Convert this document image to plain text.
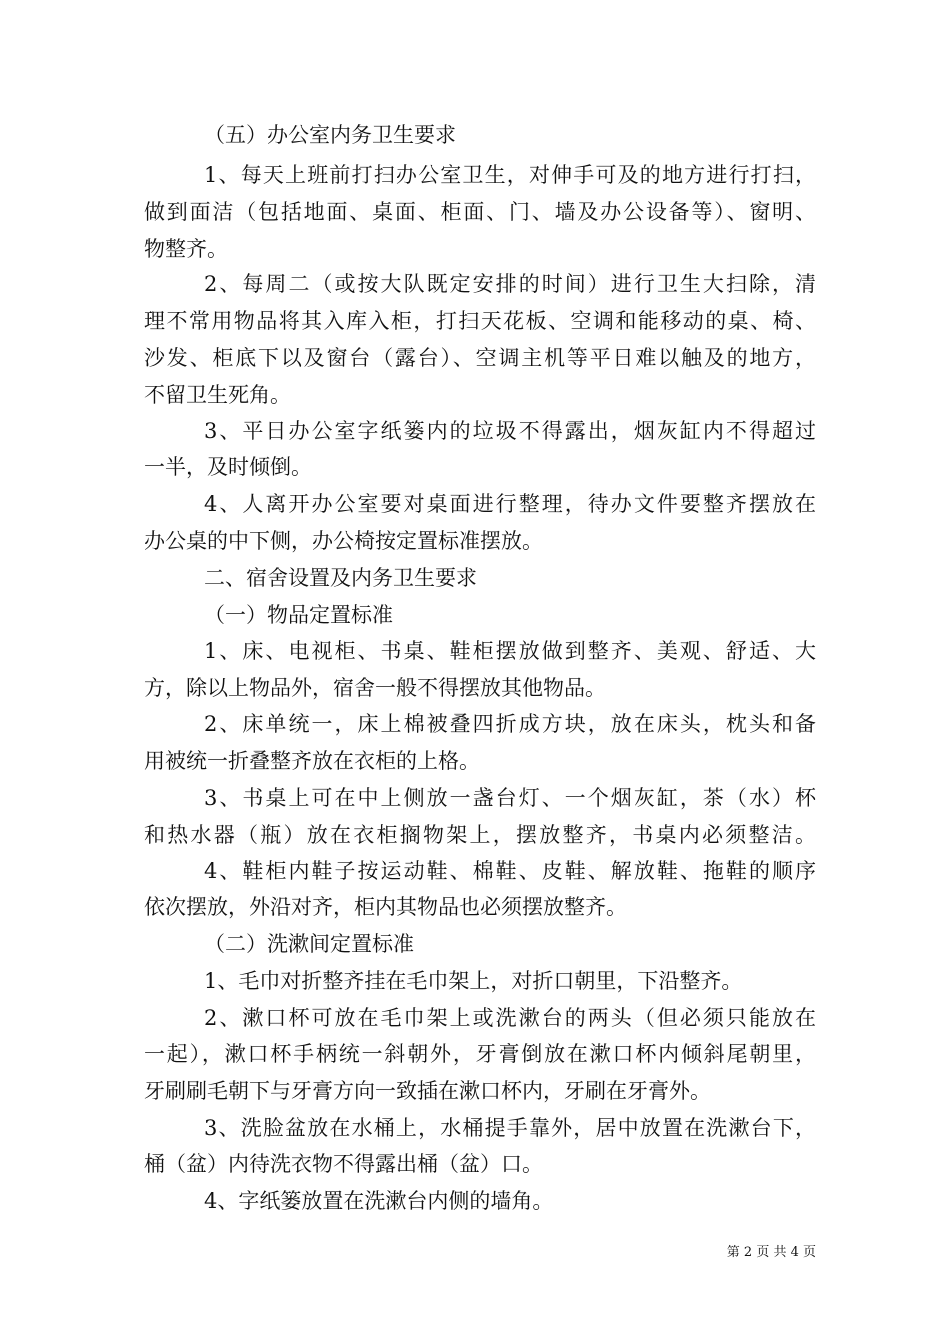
（五）办公室内务卫生要求
1、每天上班前打扫办公室卫生，对伸手可及的地方进行打扫，
做到面洁（包括地面、桌面、柜面、门、墙及办公设备等）、窗明、
物整齐。
2、每周二（或按大队既定安排的时间）进行卫生大扫除，清
理不常用物品将其入库入柜，打扫天花板、空调和能移动的桌、椅、
沙发、柜底下以及窗台（露台）、空调主机等平日难以触及的地方，
不留卫生死角。
3、平日办公室字纸篓内的垃圾不得露出，烟灰缸内不得超过
一半，及时倾倒。
4、人离开办公室要对桌面进行整理，待办文件要整齐摆放在
办公桌的中下侧，办公椅按定置标准摆放。
二、宿舍设置及内务卫生要求
（一）物品定置标准
1、床、电视柜、书桌、鞋柜摆放做到整齐、美观、舒适、大
方，除以上物品外，宿舍一般不得摆放其他物品。
2、床单统一，床上棉被叠四折成方块，放在床头，枕头和备
用被统一折叠整齐放在衣柜的上格。
3、书桌上可在中上侧放一盏台灯、一个烟灰缸，茶（水）杯
和热水器（瓶）放在衣柜搁物架上，摆放整齐，书桌内必须整洁。
4、鞋柜内鞋子按运动鞋、棉鞋、皮鞋、解放鞋、拖鞋的顺序
依次摆放，外沿对齐，柜内其物品也必须摆放整齐。
（二）洗漱间定置标准
1、毛巾对折整齐挂在毛巾架上，对折口朝里，下沿整齐。
2、漱口杯可放在毛巾架上或洗漱台的两头（但必须只能放在
一起），漱口杯手柄统一斜朝外，牙膏倒放在漱口杯内倾斜尾朝里，
牙刷刷毛朝下与牙膏方向一致插在漱口杯内，牙刷在牙膏外。
3、洗脸盆放在水桶上，水桶提手靠外，居中放置在洗漱台下，
桶（盆）内待洗衣物不得露出桶（盆）口。
4、字纸篓放置在洗漱台内侧的墙角。
第 2 页 共 4 页
